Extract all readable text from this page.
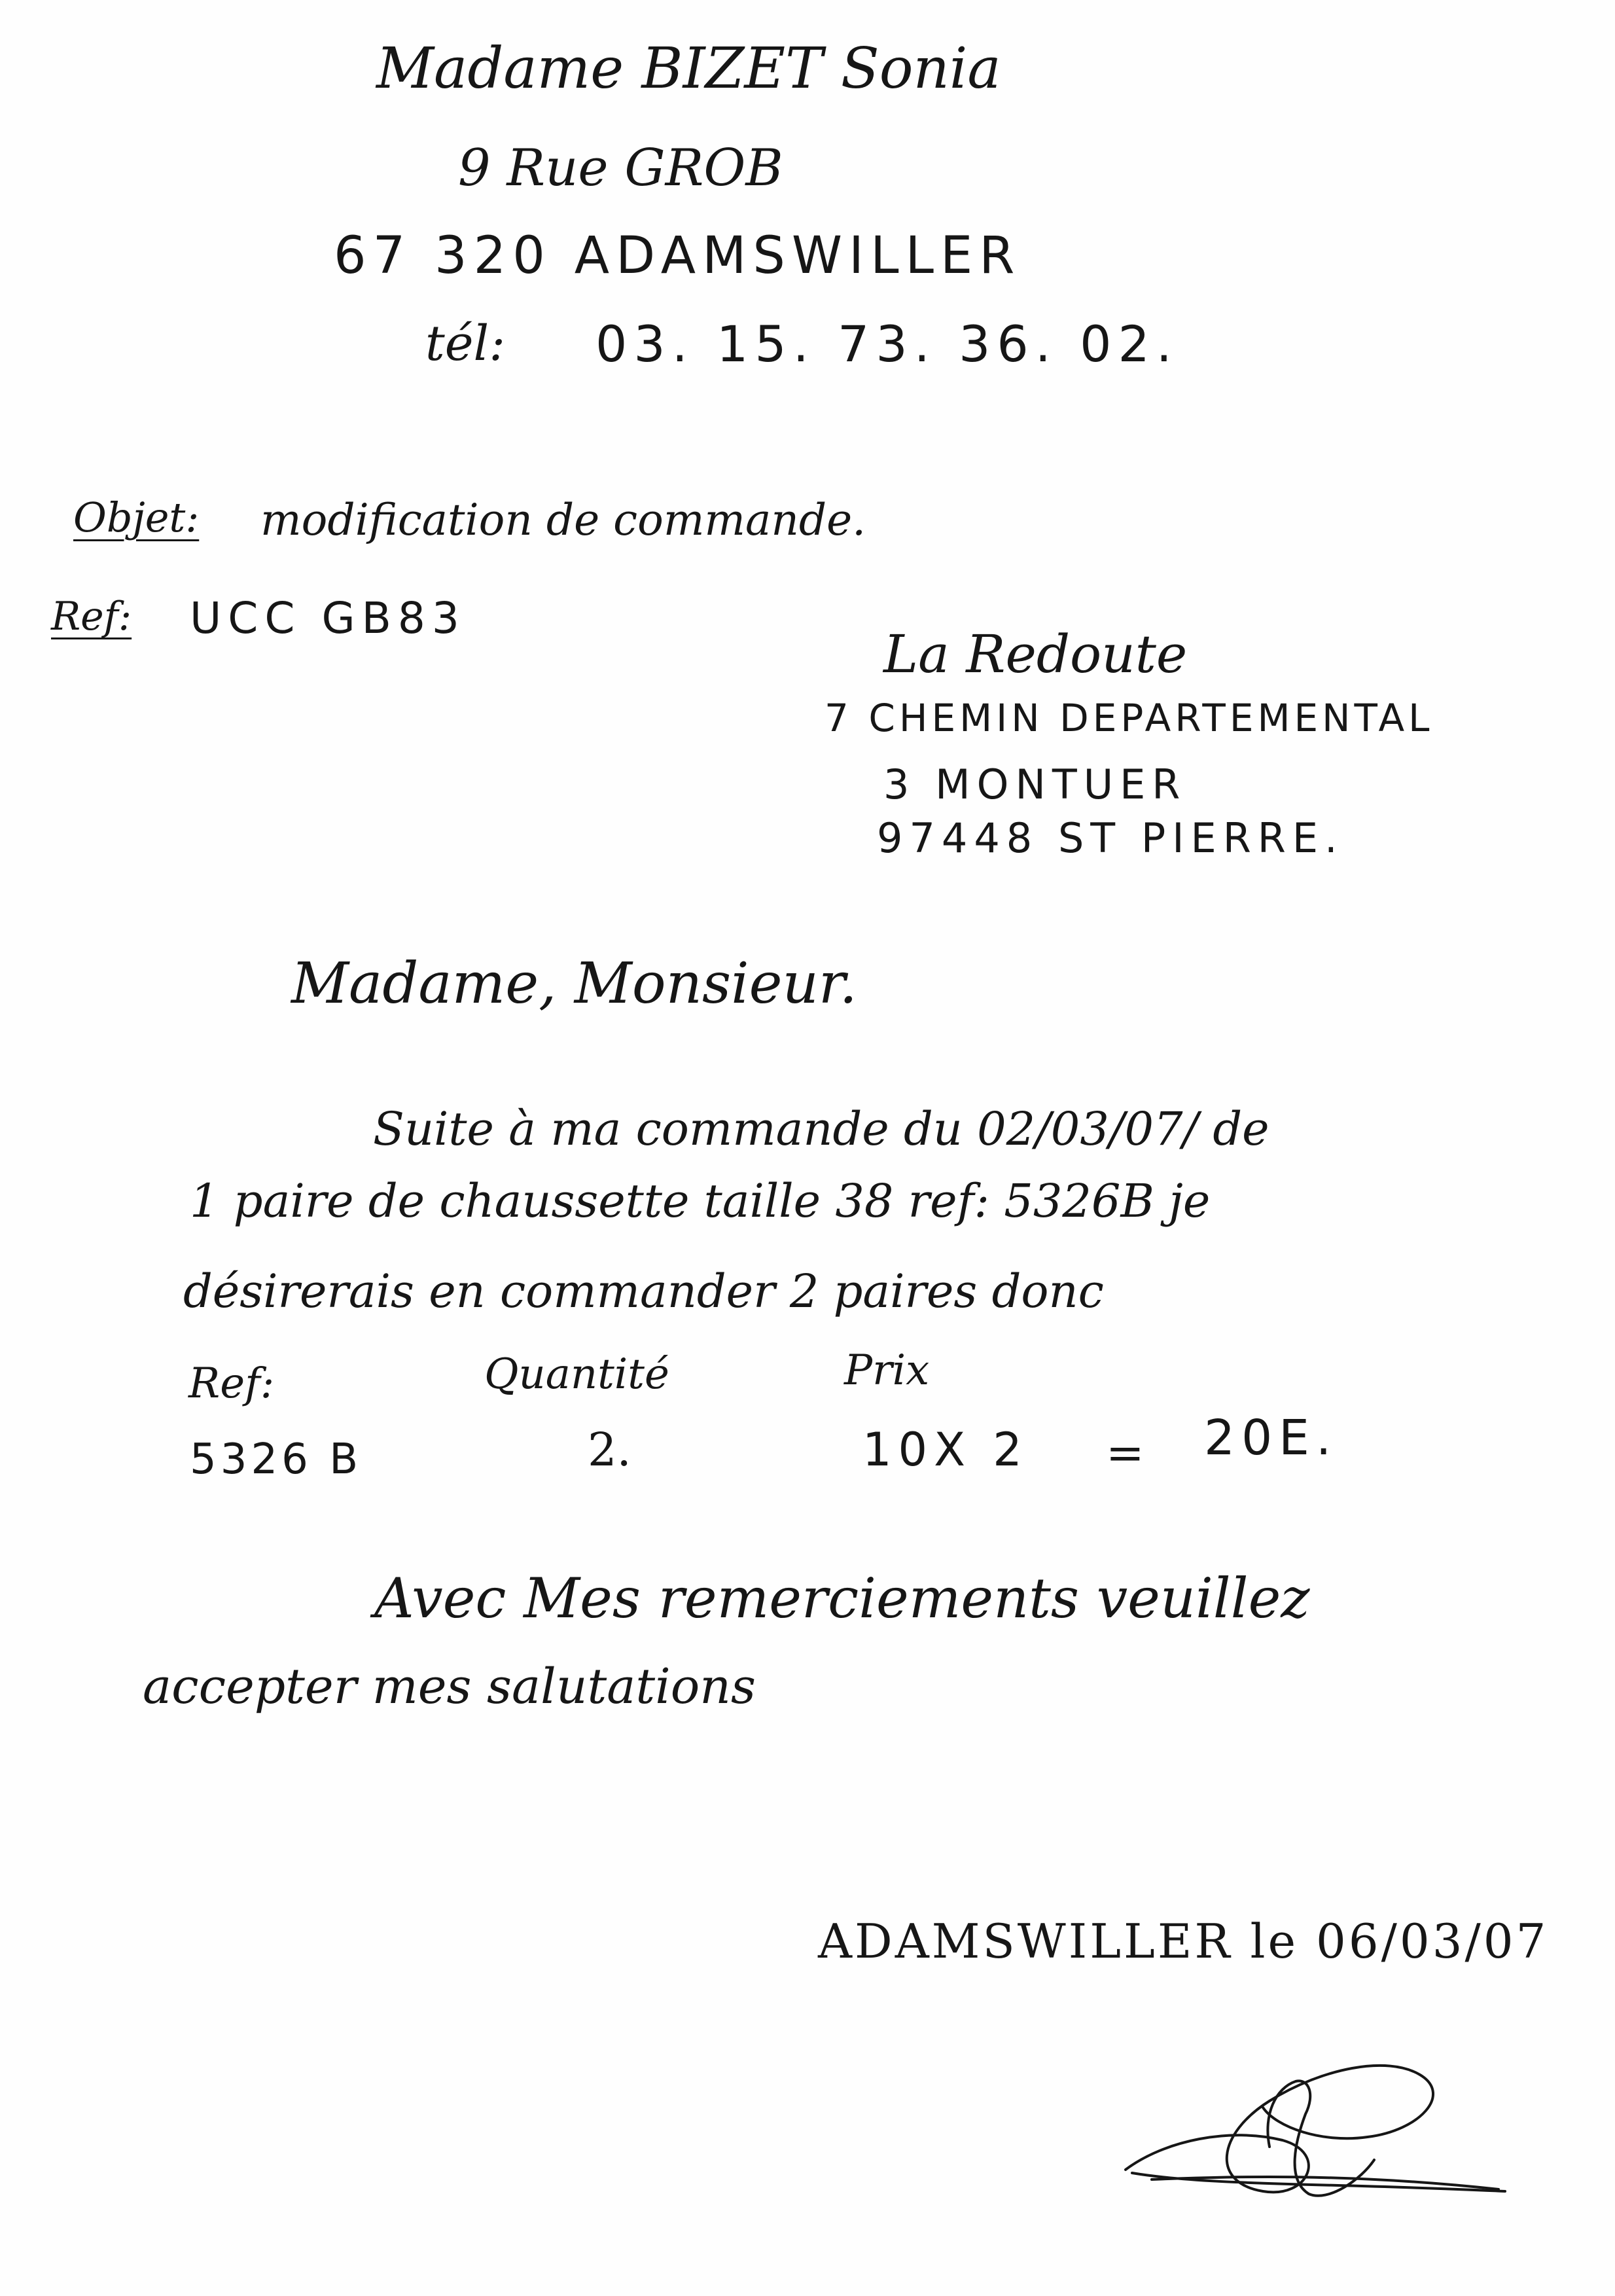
Madame BIZET Sonia
9 Rue GROB
67 320 ADAMSWILLER
tél: 03. 15. 73. 36. 02.
Objet: modification de commande.
Ref: UCC GB83
La Redoute
7 CHEMIN DEPARTEMENTAL
3 MONTUER
97448 ST PIERRE.
Madame, Monsieur.
Suite à ma commande du 02/03/07/ de
1 paire de chaussette taille 38 ref: 5326B je
désirerais en commander 2 paires donc
Ref:	Quantité	Prix
5326 B	2.	10X 2 = 20E.
Avec Mes remerciements veuillez
accepter mes salutations
ADAMSWILLER le 06/03/07
